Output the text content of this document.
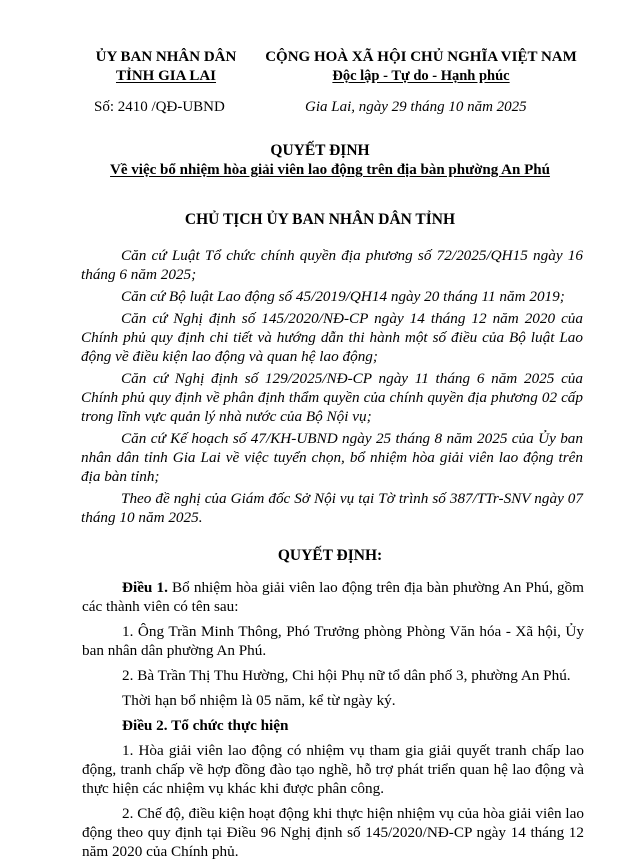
ỦY BAN NHÂN DÂN
TỈNH GIA LAI
CỘNG HOÀ XÃ HỘI CHỦ NGHĨA VIỆT NAM
Độc lập - Tự do - Hạnh phúc
Số: 2410 /QĐ-UBND	Gia Lai, ngày 29 tháng 10 năm 2025
QUYẾT ĐỊNH
Về việc bổ nhiệm hòa giải viên lao động trên địa bàn phường An Phú
CHỦ TỊCH ỦY BAN NHÂN DÂN TỈNH

Căn cứ Luật Tổ chức chính quyền địa phương số 72/2025/QH15 ngày 16 tháng 6 năm 2025;

Căn cứ Bộ luật Lao động số 45/2019/QH14 ngày 20 tháng 11 năm 2019;

Căn cứ Nghị định số 145/2020/NĐ-CP ngày 14 tháng 12 năm 2020 của Chính phủ quy định chi tiết và hướng dẫn thi hành một số điều của Bộ luật Lao động về điều kiện lao động và quan hệ lao động;

Căn cứ Nghị định số 129/2025/NĐ-CP ngày 11 tháng 6 năm 2025 của Chính phủ quy định về phân định thẩm quyền của chính quyền địa phương 02 cấp trong lĩnh vực quản lý nhà nước của Bộ Nội vụ;

Căn cứ Kế hoạch số 47/KH-UBND ngày 25 tháng 8 năm 2025 của Ủy ban nhân dân tỉnh Gia Lai về việc tuyển chọn, bổ nhiệm hòa giải viên lao động trên địa bàn tỉnh;

Theo đề nghị của Giám đốc Sở Nội vụ tại Tờ trình số 387/TTr-SNV ngày 07 tháng 10 năm 2025.

QUYẾT ĐỊNH:

Điều 1. Bổ nhiệm hòa giải viên lao động trên địa bàn phường An Phú, gồm các thành viên có tên sau:

1. Ông Trần Minh Thông, Phó Trưởng phòng Phòng Văn hóa - Xã hội, Ủy ban nhân dân phường An Phú.

2. Bà Trần Thị Thu Hường, Chi hội Phụ nữ tổ dân phố 3, phường An Phú.

Thời hạn bổ nhiệm là 05 năm, kể từ ngày ký.

Điều 2. Tổ chức thực hiện

1. Hòa giải viên lao động có nhiệm vụ tham gia giải quyết tranh chấp lao động, tranh chấp về hợp đồng đào tạo nghề, hỗ trợ phát triển quan hệ lao động và thực hiện các nhiệm vụ khác khi được phân công.

2. Chế độ, điều kiện hoạt động khi thực hiện nhiệm vụ của hòa giải viên lao động theo quy định tại Điều 96 Nghị định số 145/2020/NĐ-CP ngày 14 tháng 12 năm 2020 của Chính phủ.
